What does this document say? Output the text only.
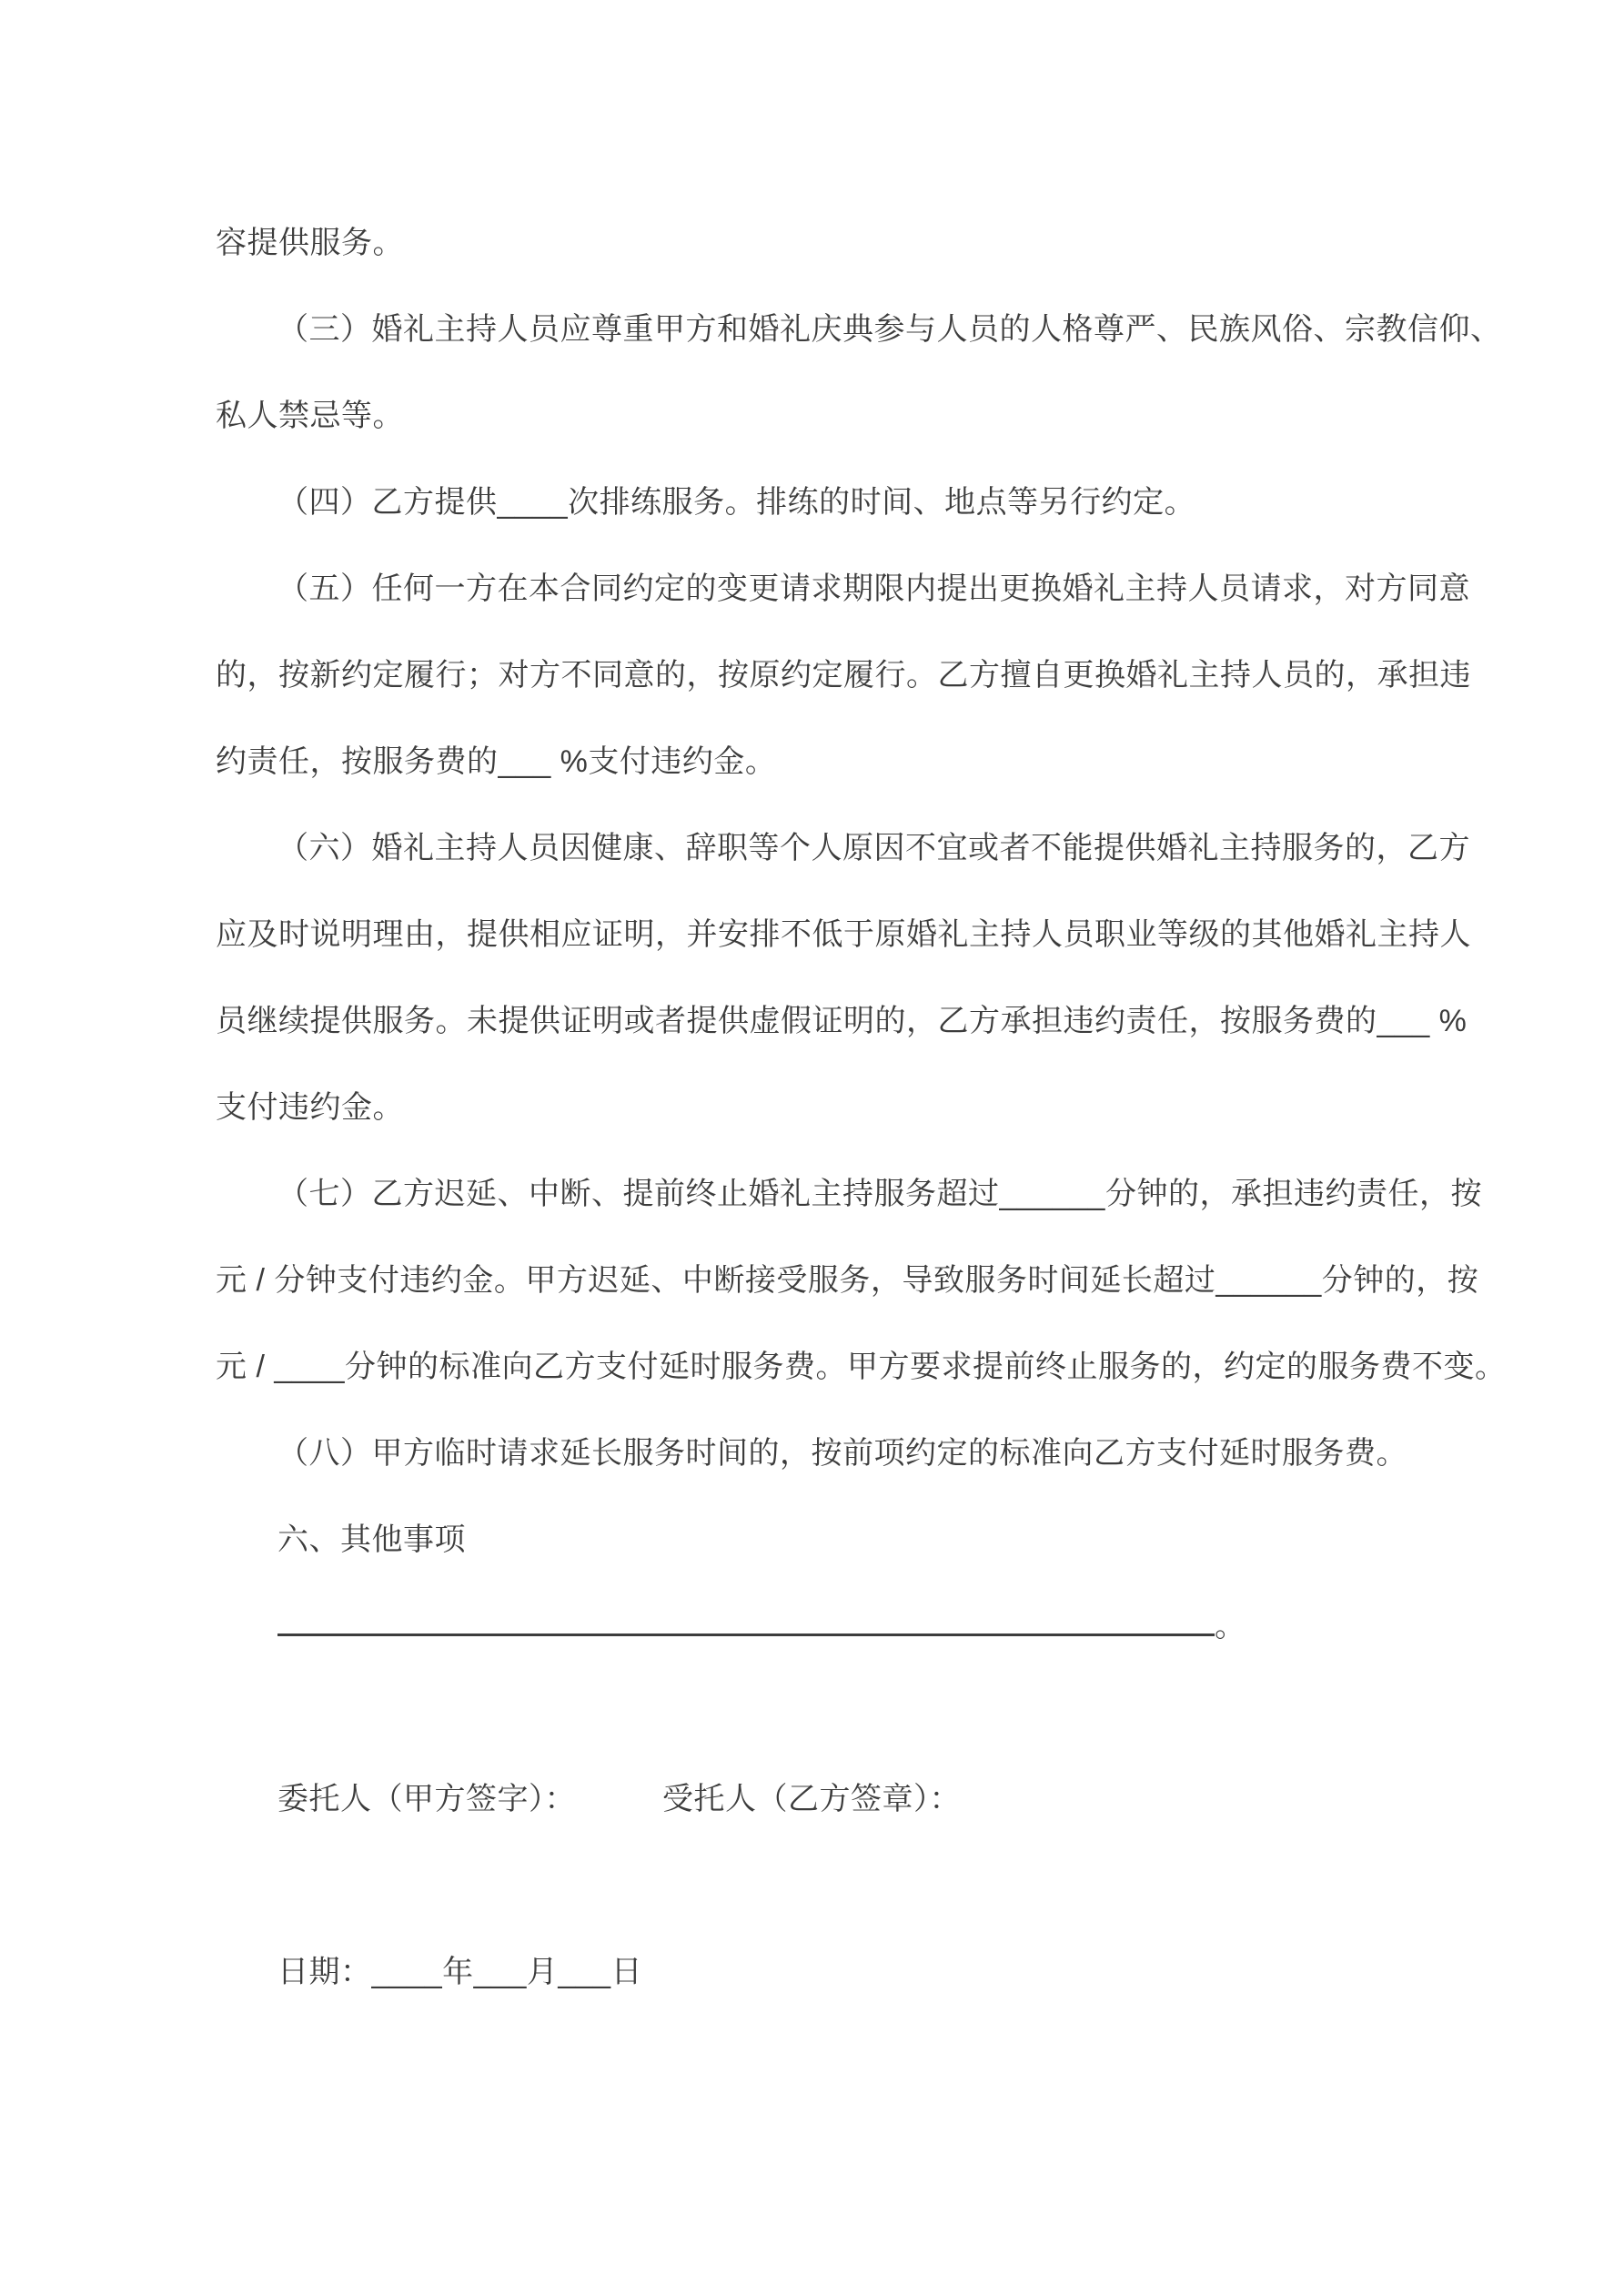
容提供服务。
（三）婚礼主持人员应尊重甲方和婚礼庆典参与人员的人格尊严、民族风俗、宗教信仰、
私人禁忌等。
（四）乙方提供____次排练服务。排练的时间、地点等另行约定。
（五）任何一方在本合同约定的变更请求期限内提出更换婚礼主持人员请求，对方同意
的，按新约定履行；对方不同意的，按原约定履行。乙方擅自更换婚礼主持人员的，承担违
约责任，按服务费的___ %支付违约金。
（六）婚礼主持人员因健康、辞职等个人原因不宜或者不能提供婚礼主持服务的，乙方
应及时说明理由，提供相应证明，并安排不低于原婚礼主持人员职业等级的其他婚礼主持人
员继续提供服务。未提供证明或者提供虚假证明的，乙方承担违约责任，按服务费的___ %
支付违约金。
（七）乙方迟延、中断、提前终止婚礼主持服务超过______分钟的，承担违约责任，按
元 / 分钟支付违约金。甲方迟延、中断接受服务，导致服务时间延长超过______分钟的，按
元 / ____分钟的标准向乙方支付延时服务费。甲方要求提前终止服务的，约定的服务费不变。
（八）甲方临时请求延长服务时间的，按前项约定的标准向乙方支付延时服务费。
六、其他事项
。
委托人（甲方签字）：	受托人（乙方签章）：
日期：____年___月___日
